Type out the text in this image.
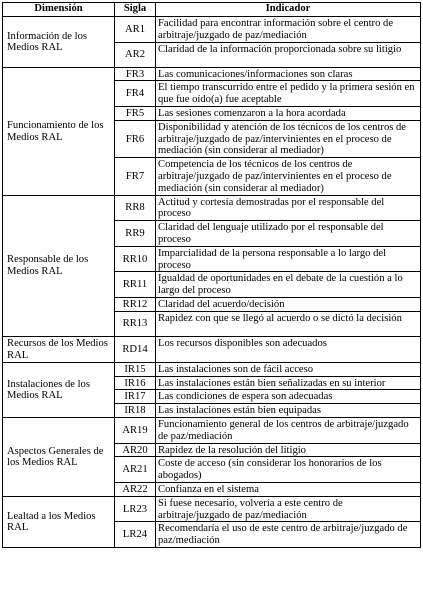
Dimensión	Sigla	Indicador
Información de los Medios RAL	AR1	Facilidad para encontrar información sobre el centro de arbitraje/juzgado de paz/mediación
	AR2	Claridad de la información proporcionada sobre su litigio
Funcionamiento de los Medios RAL	FR3	Las comunicaciones/informaciones son claras
	FR4	El tiempo transcurrido entre el pedido y la primera sesión en que fue oído(a) fue aceptable
	FR5	Las sesiones comenzaron a la hora acordada
	FR6	Disponibilidad y atención de los técnicos de los centros de arbitraje/juzgado de paz/intervinientes en el proceso de mediación (sin considerar al mediador)
	FR7	Competencia de los técnicos de los centros de arbitraje/juzgado de paz/intervinientes en el proceso de mediación (sin considerar al mediador)
Responsable de los Medios RAL	RR8	Actitud y cortesía demostradas por el responsable del proceso
	RR9	Claridad del lenguaje utilizado por el responsable del proceso
	RR10	Imparcialidad de la persona responsable a lo largo del proceso
	RR11	Igualdad de oportunidades en el debate de la cuestión a lo largo del proceso
	RR12	Claridad del acuerdo/decisión
	RR13	Rapidez con que se llegó al acuerdo o se dictó la decisión
Recursos de los Medios RAL	RD14	Los recursos disponibles son adecuados
Instalaciones de los Medios RAL	IR15	Las instalaciones son de fácil acceso
	IR16	Las instalaciones están bien señalizadas en su interior
	IR17	Las condiciones de espera son adecuadas
	IR18	Las instalaciones están bien equipadas
Aspectos Generales de los Medios RAL	AR19	Funcionamiento general de los centros de arbitraje/juzgado de paz/mediación
	AR20	Rapidez de la resolución del litigio
	AR21	Coste de acceso (sin considerar los honorarios de los abogados)
	AR22	Confianza en el sistema
Lealtad a los Medios RAL	LR23	Si fuese necesario, volvería a este centro de arbitraje/juzgado de paz/mediación
	LR24	Recomendaría el uso de este centro de arbitraje/juzgado de paz/mediación
